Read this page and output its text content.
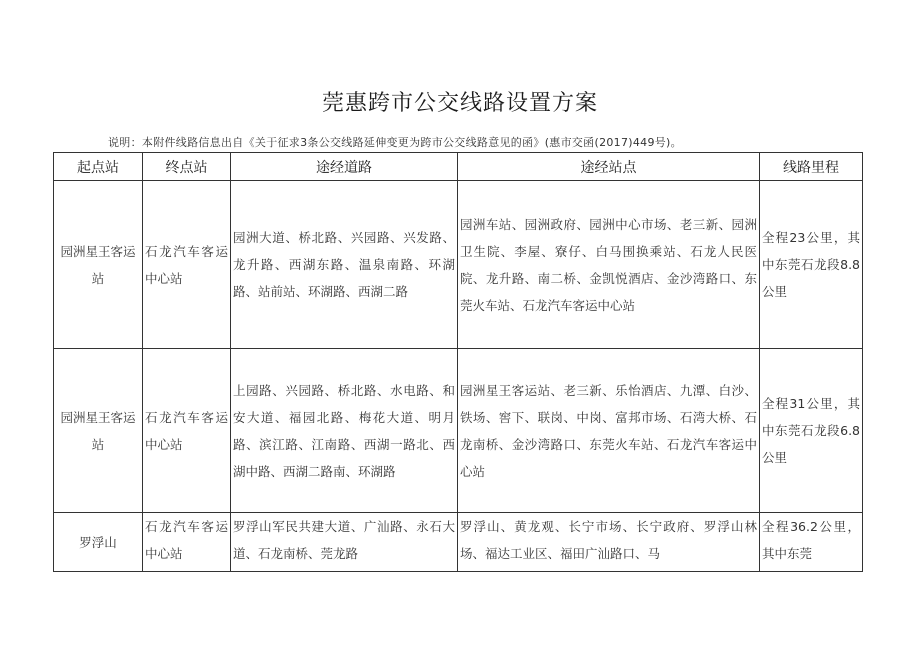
莞惠跨市公交线路设置方案
说明：本附件线路信息出自《关于征求3条公交线路延伸变更为跨市公交线路意见的函》(惠市交函(2017)449号)。
起点站	终点站	途经道路	途经站点	线路里程
园洲星王客运站	石龙汽车客运中心站	园洲大道、桥北路、兴园路、兴发路、龙升路、西湖东路、温泉南路、环湖路、站前站、环湖路、西湖二路	园洲车站、园洲政府、园洲中心市场、老三新、园洲卫生院、李屋、寮仔、白马围换乘站、石龙人民医院、龙升路、南二桥、金凯悦酒店、金沙湾路口、东莞火车站、石龙汽车客运中心站	全程23公里，其中东莞石龙段8.8公里
园洲星王客运站	石龙汽车客运中心站	上园路、兴园路、桥北路、水电路、和安大道、福园北路、梅花大道、明月路、滨江路、江南路、西湖一路北、西湖中路、西湖二路南、环湖路	园洲星王客运站、老三新、乐怡酒店、九潭、白沙、铁场、窖下、联岗、中岗、富邦市场、石湾大桥、石龙南桥、金沙湾路口、东莞火车站、石龙汽车客运中心站	全程31公里，其中东莞石龙段6.8公里
罗浮山	石龙汽车客运中心站	罗浮山军民共建大道、广汕路、永石大道、石龙南桥、莞龙路	罗浮山、黄龙观、长宁市场、长宁政府、罗浮山林场、福达工业区、福田广汕路口、马	全程36.2公里，其中东莞
